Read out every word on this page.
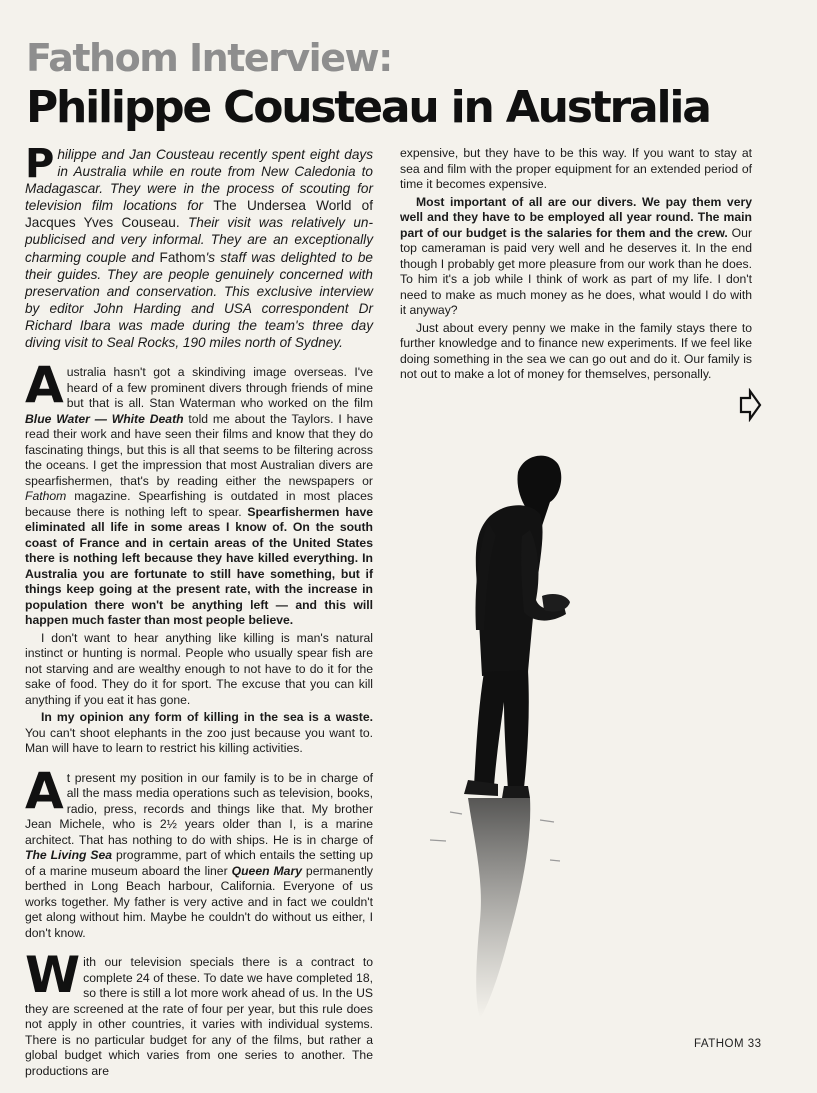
Fathom Interview:
Philippe Cousteau in Australia

Philippe and Jan Cousteau recently spent eight days in Australia while en route from New Caledonia to Madagascar. They were in the process of scouting for television film locations for The Undersea World of Jacques Yves Couseau. Their visit was relatively un-publicised and very informal. They are an exceptionally charming couple and Fathom's staff was delighted to be their guides. They are people genuinely concerned with preservation and conservation. This exclusive interview by editor John Harding and USA correspondent Dr Richard Ibara was made during the team's three day diving visit to Seal Rocks, 190 miles north of Sydney.

Australia hasn't got a skindiving image overseas. I've heard of a few prominent divers through friends of mine but that is all. Stan Waterman who worked on the film Blue Water — White Death told me about the Taylors. I have read their work and have seen their films and know that they do fascinating things, but this is all that seems to be filtering across the oceans. I get the impression that most Australian divers are spearfishermen, that's by reading either the newspapers or Fathom magazine. Spearfishing is outdated in most places because there is nothing left to spear. Spearfishermen have eliminated all life in some areas I know of. On the south coast of France and in certain areas of the United States there is nothing left because they have killed everything. In Australia you are fortunate to still have something, but if things keep going at the present rate, with the increase in population there won't be anything left — and this will happen much faster than most people believe.

I don't want to hear anything like killing is man's natural instinct or hunting is normal. People who usually spear fish are not starving and are wealthy enough to not have to do it for the sake of food. They do it for sport. The excuse that you can kill anything if you eat it has gone.

In my opinion any form of killing in the sea is a waste. You can't shoot elephants in the zoo just because you want to. Man will have to learn to restrict his killing activities.

At present my position in our family is to be in charge of all the mass media operations such as television, books, radio, press, records and things like that. My brother Jean Michele, who is 2½ years older than I, is a marine architect. That has nothing to do with ships. He is in charge of The Living Sea programme, part of which entails the setting up of a marine museum aboard the liner Queen Mary permanently berthed in Long Beach harbour, California. Everyone of us works together. My father is very active and in fact we couldn't get along without him. Maybe he couldn't do without us either, I don't know.

With our television specials there is a contract to complete 24 of these. To date we have completed 18, so there is still a lot more work ahead of us. In the US they are screened at the rate of four per year, but this rule does not apply in other countries, it varies with individual systems. There is no particular budget for any of the films, but rather a global budget which varies from one series to another. The productions are

expensive, but they have to be this way. If you want to stay at sea and film with the proper equipment for an extended period of time it becomes expensive.

Most important of all are our divers. We pay them very well and they have to be employed all year round. The main part of our budget is the salaries for them and the crew. Our top cameraman is paid very well and he deserves it. In the end though I probably get more pleasure from our work than he does. To him it's a job while I think of work as part of my life. I don't need to make as much money as he does, what would I do with it anyway?

Just about every penny we make in the family stays there to further knowledge and to finance new experiments. If we feel like doing something in the sea we can go out and do it. Our family is not out to make a lot of money for themselves, personally.

FATHOM 33
